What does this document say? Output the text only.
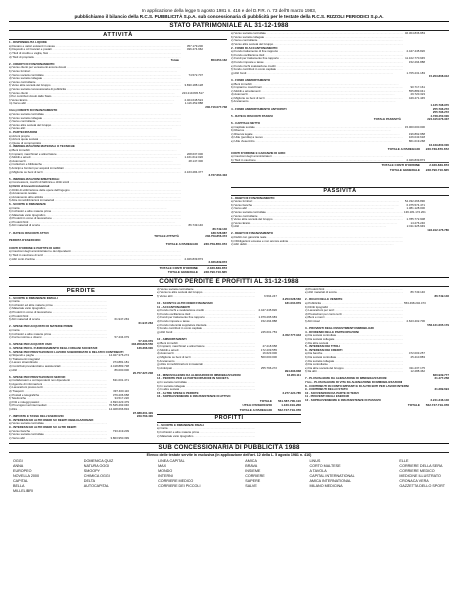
In applicazione della legge 5 agosto 1981 n. 416 e del D.P.R. n. 73 dell'8 marzo 1983,
pubblichiamo il bilancio della R.C.S. PUBBLICITÀ S.p.A. sub concessionaria di pubblicità per le testate della R.C.S. RIZZOLI PERIODICI S.p.A.
STATO PATRIMONIALE AL 31-12-1988
ATTIVITÀ
1 - DISPONIBILITÀ LIQUIDE
a) Denaro e valori esistenti in cassa .....	357.179.200
b) Depositi e c/c bancari e postali .....	496.474.962
c) Titoli di credito e vaglia, fissi .....
d) Titoli di proprietà .....
Totale	853.654.162
2 - CREDITI DI FUNZIONAMENTO
a) Verso clienti per versamenti ancora dovuti .....
b) Verso fornitori .....
c) Verso società controllate .....	74.572.707
d) Verso società collegate .....
e) Verso controllante .....
f) Verso altre società del Gruppo .....	3.830.188.128
g) Verso società concessionaria di pubblicità .....
h) Verso clienti .....	223.219.845.517
i) Per contributi dovuti dallo Stato .....
l) Verso Erario .....	2.404.648.524
m) Verso altri .....	1.116.452.888
230.716.077.738
3 bis) CREDITI DI FINANZIAMENTO
a) Verso società controllate .....
b) Verso società collegate .....
c) Verso controllante .....
d) Verso altre società del Gruppo .....
e) Verso altri .....
3 - PARTECIPAZIONI
a) Azioni proprie .....
b) Azioni quote società .....
c) Quote di compropriètà .....
4 - IMMOBILIZZAZIONI MATERIALI O TECNICHE
a) Beni immobili .....
b) Impianti, macchinari e attrezzature .....	208.637.000
c) Mobili e arredi .....	1.161.612.026
d) Automezzi .....	48.147.300
e) Collezioni e biblioteche .....
f) Anticipi a fornitori per acquisti immobiliari .....
g) Migliorie su beni di terzi .....	2.163.284.377
3.727.664.403
5 - IMMOBILIZZAZIONI IMMATERIALI
a) Concessioni, marchi di fabbrica e diritti simili .....
a) Verso società controllate .....	46.304.836.953
b) Verso società collegate .....
c) Verso controllante .....
d) Verso altre società del Gruppo .....
2 - FONDI DI ACCANTONAMENTO
a) Fondo trattamento di fine rapporto .....	2.447.445.826
b) Fondo oscillazione titoli .....
c) Fondi per trattamento fine rapporto .....	11.102.770.945
d) Fondo imposte e tasse .....	152.294.888
e) Fondo rischi svalutazione crediti .....
f) Fondo contributi in conto capitale .....
g) Altri fondi .....	1.705.231.183
15.203.808.912
3 - FONDI AMMORTAMENTO
a) Beni immobili .....
b) Impianti e macchinari .....	90.717.161
c) Mobili e arredamenti .....	555.889.041
d) Automezzi .....	29.720.323
e) Migliorie su beni di terzi .....	449.471.445
f) Avviamento .....
1.125.798.970
4 - FONDI AMMORTAMENTO ANTICIPATI	255.796.272
255.796.272
5 - RATEI E RISCONTI PASSIVI	4.728.450.000
TOTALE PASSIVITÀ	224.315.076.337
6 - CAPITALE NETTO
a) Capitale sociale .....	15.000.000.000
b) Riserve .....
c) Riserva legale .....	196.892.958
d) Utile (perdita) a nuovo .....	106.043.618
e) Utile d'esercizio .....	861.019.268
16.169.800.000
TOTALE A PAREGGIO	226.739.876.672
CONTI D'ORDINE E GARANZIE DI GIRO
a) Cauzioni degli amministratori .....
b) Titoli in cauzione .....	2.026.839.873
TOTALE CONTI D'ORDINE	2.026.839.873
TOTALE GENERALE	228.796.716.665
b) Diritti di brevetti industriali
c) Diritti di utilizzazione delle opere dell'ingegno .....
d) Avviamento testate .....
e) Avviamento altre attività .....
f) Altre immobilizzazioni immateriali .....
6 - SCORTE E RIMANENZE
a) Carta .....
b) Inchiostri e altre materie prime .....
c) Materiale vario tipografico .....
d) Prodotti in corso di lavorazione .....
e) Prodotti finiti .....
f) Altri materiali di scorta .....	86.749.146
86.749.146
7 - RATEI E RISCONTI ATTIVI	188.728.887
TOTALE ATTIVITÀ	236.759.856.373
PERDITA D'ESERCIZIO
TOTALE A PAREGGIO	236.759.856.373
CONTI D'ORDINE E PARTITE DI GIRO
a) Cauzioni degli amministratori e dei dipendenti .....
b) Titoli in cauzione di terzi .....
c) Altri conti d'ordine .....	2.026.839.873
2.026.839.873
TOTALE CONTI D'ORDINE	2.026.839.873
TOTALE GENERALE	228.796.716.665
PASSIVITÀ
1 - DEBITI DI FUNZIONAMENTO
a) Verso fornitori .....	54.332.266.890
b) Verso banche .....	6.075.574.471
c) Verso altri .....	1.381.128.000
d) Verso società controllate .....	136.181.172.201
e) Verso controllante .....
f) Verso altre società del Gruppo .....	1.785.772.908
g) Verso Erario .....	14.276.246
h) Altri .....	2.011.325.949
194.912.176.780
2 - DEBITI DI FINANZIAMENTO
a) Debiti con garanzia reale .....
b) Obbligazioni emesse e non ancora estinte .....
c) Altri debiti .....
CONTO PERDITE E PROFITTI AL 31-12-1988
PERDITE
1 - SCORTE E RIMANENZE INIZIALI
a) Carta .....
b) Inchiostri ed altre materie prime .....
c) Materiale vario tipografico .....
d) Prodotti in corso di lavorazione .....
e) Prodotti finiti .....
f) Altri materiali di scorta .....	61.947.263
61.947.263
2 - SPESE PER ACQUISTO DI MATERIE PRIME
a) Carta .....
b) Inchiostri e altre materie prime .....
c) Forza motrice e diversi .....	57.434.079
57.434.079
3 - SPESE PER ACQUISTI VARI	403.958.823.556
4 - SPESE PER IL FUNZIONAMENTO DEGLI ORGANI SOCIETARI	136.366.000
5 - SPESE PER PRESTAZIONI DI LAVORO SUBORDINATO E RELATIVI CONTRIBUTI
a) Stipendi e paghe .....	14.027.376.274
b) Trattamenti integrativi .....
c) Lavoro straordinario .....	374.881.181
d) Contributi previdenziali e assistenziali .....	4.418.883.738
e) Altri .....	86.000.000
20.757.327.208
6 - SPESE PER PRESTAZIONI DI SERVIZI
a) Collaboratori e corrispondenti non dipendenti .....	631.001.471
b) Agenzie di informazioni .....
c) Lavorazioni presso terzi .....
d) Trasporti .....	397.460.116
e) Postali e telegrafiche .....	379.206.658
f) Telefoniche .....	34.517.220
g) Fitti e noleggi passivi .....	2.693.223.479
h) Provvigioni ad intermediari .....	70.545.493.046
i) Altre .....	14.408.666.834
97.088.301.429
7 - IMPOSTE E TASSE DELL'ESERCIZIO	229.763.400
8 - INTERESSI ED ALTRI ONERI SU DEBITI OBBLIGAZIONARI
a) Verso società controllate .....
9 - INTERESSI ED ALTRI ONERI SU ALTRI DEBITI
a) Verso banche .....	733.419.209
b) Verso società controllate .....
c) Verso altri .....	3.803.950.399
d) Verso società controllante .....
e) Verso le altre società del Gruppo .....
f) Verso altri .....	6.594.247
3.253.528.566
10 - SCONTI E ALTRI ONERI FINANZIARI	181.004.879
11 - ACCANTONAMENTI
a) Fondo rischi e svalutazione crediti .....	2.447.445.826
b) Fondo oscillazione titoli .....
c) Fondi per trattamento fine rapporto .....	1.979.295.683
d) Fondo imposte e tasse .....	152.294.888
e) Fondo indennità suppletiva clientela .....
f) Fondo contributi in conto capitale .....
g) Altri fondi .....	245.601.753
3.452.777.943
12 - AMMORTAMENTI
a) Beni immobili .....
b) Impianti, macchinari e attrezzature .....	47.218.658
c) Mobili e arredi .....	172.209.555
d) Automezzi .....	16.623.000
e) Migliorie su beni di terzi .....	500.000.000
f) Avviamento .....
g) Altre immobilizzazioni immateriali .....
h) Anticipati .....	255.796.272
994.393.838
13 - MINUSVALENZE DA ALIENAZIONI DI IMMOBILIZZAZIONI	16.950.111
14 - PERDITE PER LE PARTECIPAZIONI IN SOCIETÀ
a) In società controllate .....
b) In società collegate .....
c) In altre società .....
15 - ALTRE SPESE E PERDITE	2.277.424.785
16 - SOPRAVVENIENZE E INSUSSISTENZE DI ATTIVO
TOTALE	561.587.700.110
UTILE D'ESERCIZIO	1.160.019.268
TOTALE A PAREGGIO	562.747.719.378
PROFITTI
1 - SCORTE E RIMANENZE FINALI
a) Carta .....
b) Inchiostri e altre materie prime .....
c) Materiale vario tipografico .....
d) Prodotti finiti .....
e) Altri materiali di scorta .....	86.749.146
86.749.146
2 - RICAVI DELLE VENDITE
a) Pubblicità .....	553.498.202.473
b) Diritti tipografici .....
c) Lavorazioni per terzi .....
d) Prestazioni per conto terzi .....
e) Beni e merci .....
f) Altri ricavi .....	2.623.402.706
556.121.605.179
3 - PROVENTI DEGLI INVESTIMENTI IMMOBILIARI
4 - DIVIDENDI DELLE PARTECIPAZIONI
a) Da società controllate .....
b) Da società collegate .....
c) Da altre società .....
5 - INTERESSI DEI TITOLI
6 - INTERESSI DEI CREDITI
a) Da banche .....	472.003.257
b) Da società controllate .....	25.410.883
c) Da società collegate .....
d) Da controllante .....
e) Da altre società del Gruppo .....	311.237.175
f) Da altri .....	12.288.462
820.939.777
7 - PLUSVALENZE DA ALIENAZIONE DI IMMOBILIZZAZIONI	21.477.258
7 bis - PLUSVALENZE DI VITA DA ALIENAZIONE DI IMMOBILIZZAZIONI
8 - CONTRIBUTI IN CONTO IMPIANTI E DI ALTRI ENTI PER LAVORI INTERNI
9 - CONTRIBUTI DELLO STATO	31.289.694
10 - SOVVENZIONI DA PARTE DI TERZI
11 - PROVENTI DEGLI ESERCIZI
12 - SOPRAVVENIENZE E INSUSSISTENZE DI PASSIVO	2.241.346.146
TOTALE	562.747.719.378
SUB CONCESSIONARIA DI PUBBLICITÀ 1988
Elenco delle testate servite in esclusiva (in applicazione dell'art. 12 della L. 5 agosto 1981 n. 416)
OGGI
ANNA
EUROPEO
NOVELLA 2000
CAPITAL
BELLA
MILLELIBRI
DOMENICA QUIZ
NATURA OGGI
SMOOPY
CHIMICA OGGI
DELTA
AUTOCAPITAL
LINEA CAPITAL
MAX
MONDO
INTERNI
CORRIERE MEDICO
CORRIERE DEI PICCOLI
AMICA
BRAVA
INSIEME
CORRIERE
SAPERE
SALVE
LINUS
CORTO MALTESE
A TAVOLA
CAPITAL INTERNATIONAL
AMICA INTERNATIONAL
MILANO MEDICINA
ELLE
CORRIERE DELLA SERA
CORRIERE MEDICO
MEDICINE ILLUSTRATO
CRONACA VERA
GAZZETTA DELLO SPORT
